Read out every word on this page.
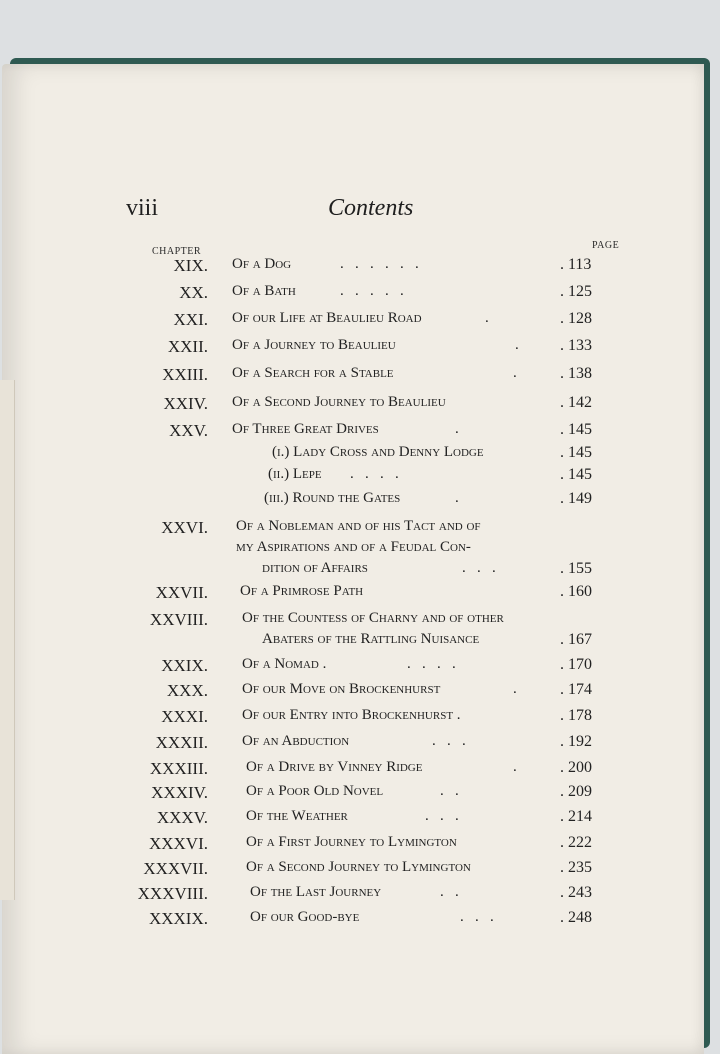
viii	Contents
CHAPTER
PAGE
XIX. Of a Dog	.   .   .   .   .   .	. 113
XX. Of a Bath	.   .   .   .   .	. 125
XXI. Of our Life at Beaulieu Road	.	. 128
XXII. Of a Journey to Beaulieu	.	. 133
XXIII. Of a Search for a Stable	.	. 138
XXIV. Of a Second Journey to Beaulieu	. 142
XXV. Of Three Great Drives	.	. 145
(i.) Lady Cross and Denny Lodge	. 145
(ii.) Lepe .   .   .   .	. 145
(iii.) Round the Gates	.	. 149
XXVI. Of a Nobleman and of his Tact and of
my Aspirations and of a Feudal Con-
dition of Affairs	.   .   .	. 155
XXVII. Of a Primrose Path	. 160
XXVIII. Of the Countess of Charny and of other
Abaters of the Rattling Nuisance	. 167
XXIX. Of a Nomad .	.   .   .   .	. 170
XXX. Of our Move on Brockenhurst	.	. 174
XXXI. Of our Entry into Brockenhurst .	. 178
XXXII. Of an Abduction	.   .   .	. 192
XXXIII.	Of a Drive by Vinney Ridge	.	. 200
XXXIV.	Of a Poor Old Novel	.   .	. 209
XXXV.	Of the Weather	.   .   .	. 214
XXXVI.	Of a First Journey to Lymington	. 222
XXXVII.	Of a Second Journey to Lymington	. 235
XXXVIII.	Of the Last Journey	.   .	. 243
XXXIX.	Of our Good-bye	.   .   .	. 248
